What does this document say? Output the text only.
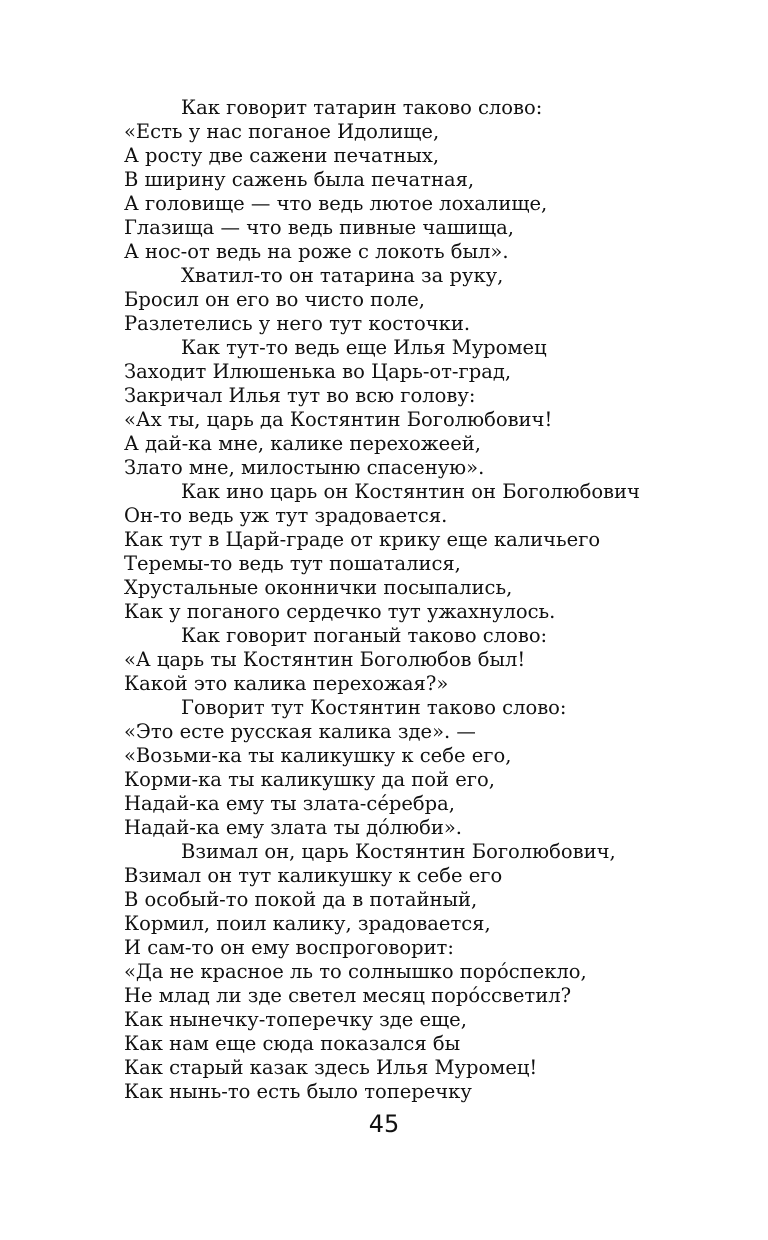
Как говорит татарин таково слово:
«Есть у нас поганое Идолище,
А росту две сажени печатных,
В ширину сажень была печатная,
А головище — что ведь лютое лохалище,
Глазища — что ведь пивные чашища,
А нос-от ведь на роже с локоть был».
Хватил-то он татарина за руку,
Бросил он его во чисто поле,
Разлетелись у него тут косточки.
Как тут-то ведь еще Илья Муромец
Заходит Илюшенька во Царь-от-град,
Закричал Илья тут во всю голову:
«Ах ты, царь да Костянтин Боголюбович!
А дай-ка мне, калике перехожеей,
Злато мне, милостыню спасеную».
Как ино царь он Костянтин он Боголюбович
Он-то ведь уж тут зрадовается.
Как тут в Царй-граде от крику еще каличьего
Теремы-то ведь тут пошаталися,
Хрустальные оконнички посыпались,
Как у поганого сердечко тут ужахнулось.
Как говорит поганый таково слово:
«А царь ты Костянтин Боголюбов был!
Какой это калика перехожая?»
Говорит тут Костянтин таково слово:
«Это есте русская калика зде». —
«Возьми-ка ты каликушку к себе его,
Корми-ка ты каликушку да пой его,
Надай-ка ему ты злата-сéребра,
Надай-ка ему злата ты дóлюби».
Взимал он, царь Костянтин Боголюбович,
Взимал он тут каликушку к себе его
В особый-то покой да в потайный,
Кормил, поил калику, зрадовается,
И сам-то он ему воспроговорит:
«Да не красное ль то солнышко порóспекло,
Не млад ли зде светел месяц порóссветил?
Как нынечку-топеречку зде еще,
Как нам еще сюда показался бы
Как старый казак здесь Илья Муромец!
Как нынь-то есть было топеречку
45
